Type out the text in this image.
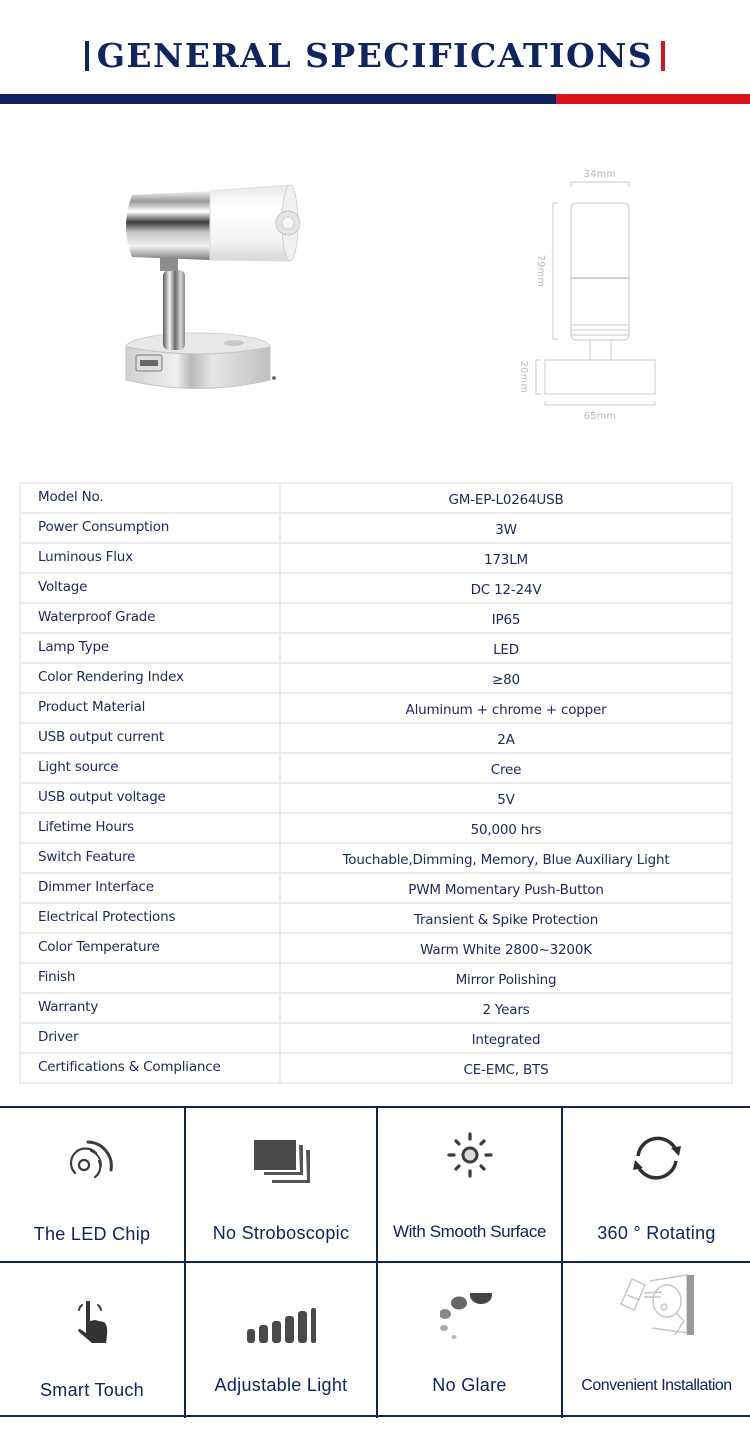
GENERAL SPECIFICATIONS
34mm
79mm
20mm
65mm
Model No.	GM-EP-L0264USB
Power Consumption	3W
Luminous Flux	173LM
Voltage	DC 12-24V
Waterproof Grade	IP65
Lamp Type	LED
Color Rendering Index	≥80
Product Material	Aluminum + chrome + copper
USB output current	2A
Light source	Cree
USB output voltage	5V
Lifetime Hours	50,000 hrs
Switch Feature	Touchable,Dimming, Memory, Blue Auxiliary Light
Dimmer Interface	PWM Momentary Push-Button
Electrical Protections	Transient & Spike Protection
Color Temperature	Warm White 2800~3200K
Finish	Mirror Polishing
Warranty	2 Years
Driver	Integrated
Certifications & Compliance	CE-EMC, BTS
The LED Chip	No Stroboscopic	With Smooth Surface	360 ° Rotating
Smart Touch	Adjustable Light	No Glare	Convenient Installation
